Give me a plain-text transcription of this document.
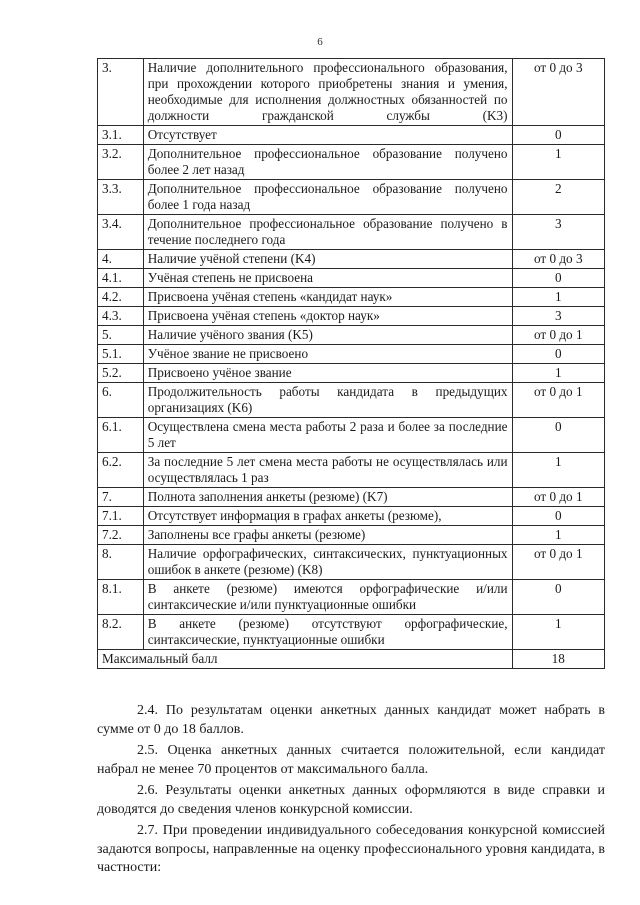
6
3.	Наличие дополнительного профессионального образования, при прохождении которого приобретены знания и умения, необходимые для исполнения должностных обязанностей по должности гражданской службы (K3)	от 0 до 3
3.1.	Отсутствует	0
3.2.	Дополнительное профессиональное образование получено более 2 лет назад	1
3.3.	Дополнительное профессиональное образование получено более 1 года назад	2
3.4.	Дополнительное профессиональное образование получено в течение последнего года	3
4.	Наличие учёной степени (K4)	от 0 до 3
4.1.	Учёная степень не присвоена	0
4.2.	Присвоена учёная степень «кандидат наук»	1
4.3.	Присвоена учёная степень «доктор наук»	3
5.	Наличие учёного звания (K5)	от 0 до 1
5.1.	Учёное звание не присвоено	0
5.2.	Присвоено учёное звание	1
6.	Продолжительность работы кандидата в предыдущих организациях (K6)	от 0 до 1
6.1.	Осуществлена смена места работы 2 раза и более за последние 5 лет	0
6.2.	За последние 5 лет смена места работы не осуществлялась или осуществлялась 1 раз	1
7.	Полнота заполнения анкеты (резюме) (K7)	от 0 до 1
7.1.	Отсутствует информация в графах анкеты (резюме),	0
7.2.	Заполнены все графы анкеты (резюме)	1
8.	Наличие орфографических, синтаксических, пунктуационных ошибок в анкете (резюме) (K8)	от 0 до 1
8.1.	В анкете (резюме) имеются орфографические и/или синтаксические и/или пунктуационные ошибки	0
8.2.	В анкете (резюме) отсутствуют орфографические, синтаксические, пунктуационные ошибки	1
Максимальный балл		18

2.4. По результатам оценки анкетных данных кандидат может набрать в сумме от 0 до 18 баллов.

2.5. Оценка анкетных данных считается положительной, если кандидат набрал не менее 70 процентов от максимального балла.

2.6. Результаты оценки анкетных данных оформляются в виде справки и доводятся до сведения членов конкурсной комиссии.

2.7. При проведении индивидуального собеседования конкурсной комиссией задаются вопросы, направленные на оценку профессионального уровня кандидата, в частности:
